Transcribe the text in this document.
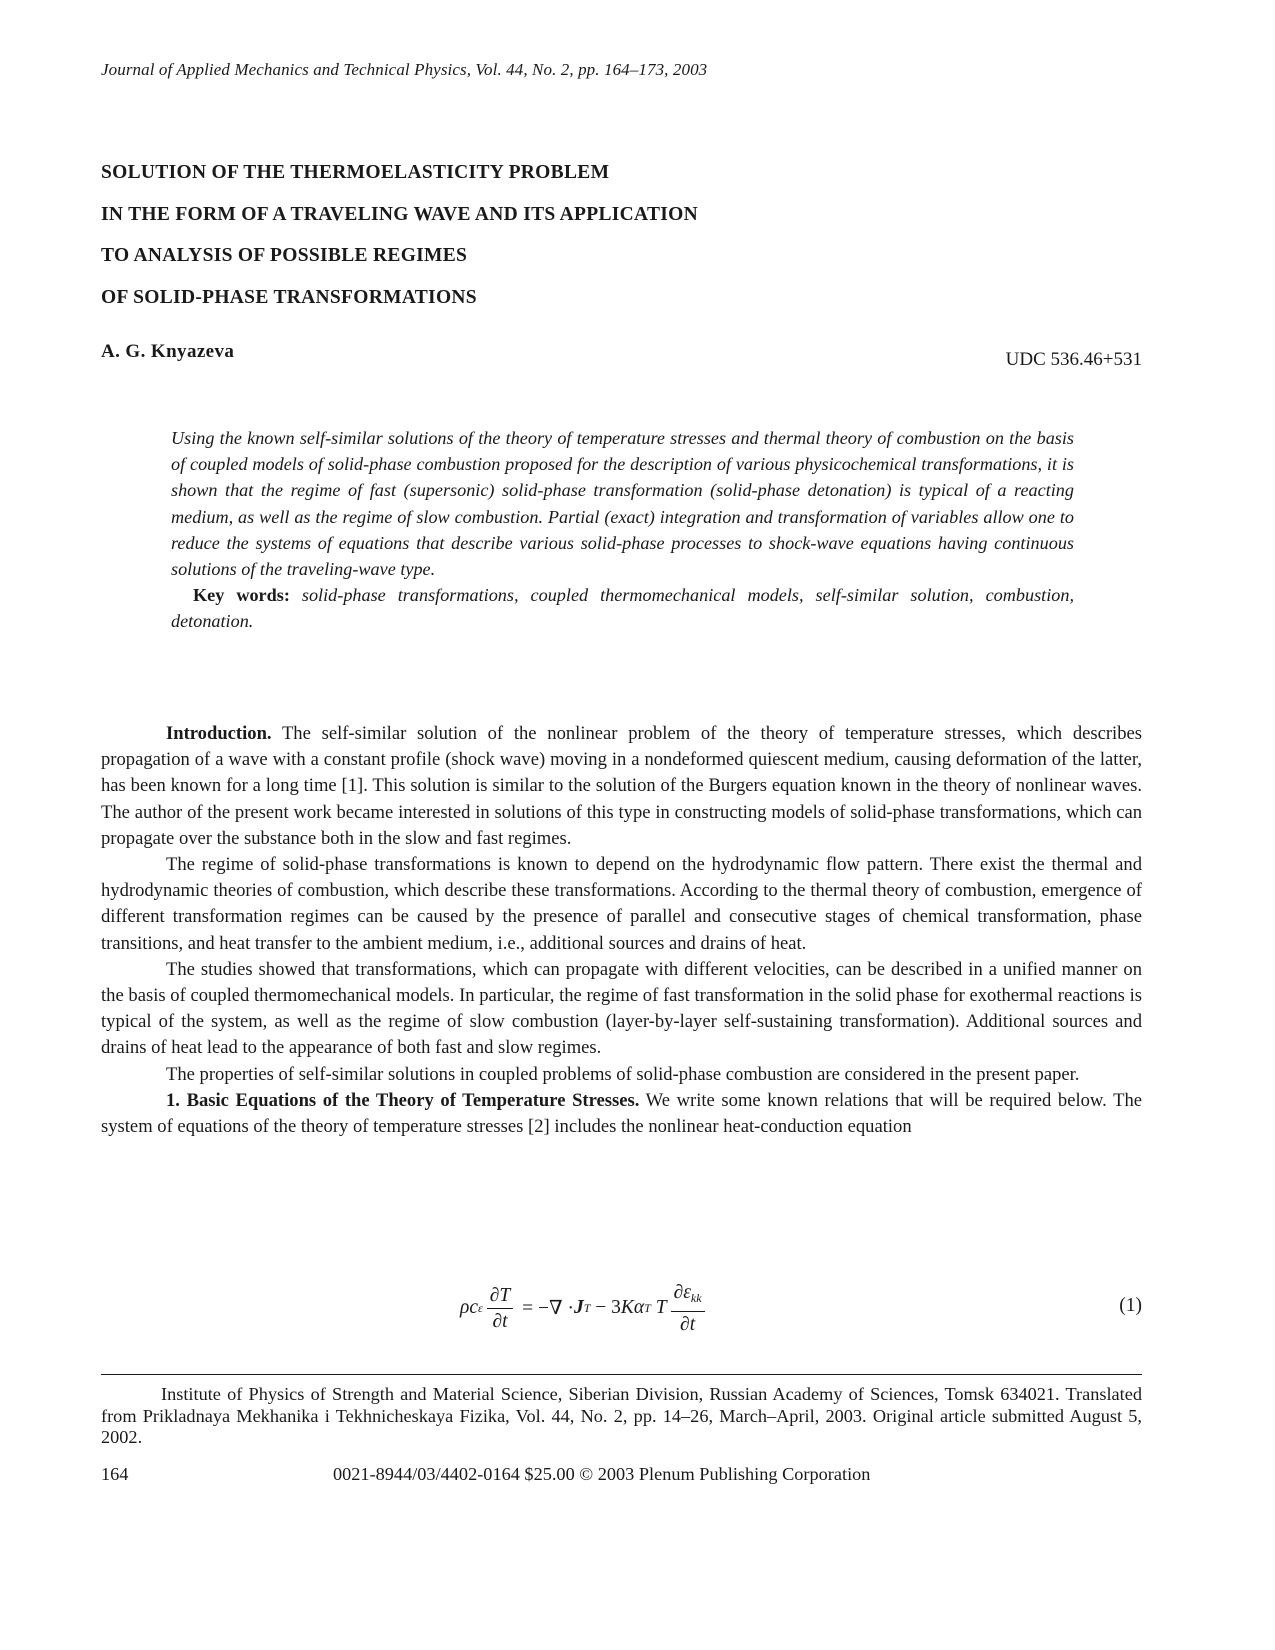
Journal of Applied Mechanics and Technical Physics, Vol. 44, No. 2, pp. 164–173, 2003
SOLUTION OF THE THERMOELASTICITY PROBLEM
IN THE FORM OF A TRAVELING WAVE AND ITS APPLICATION
TO ANALYSIS OF POSSIBLE REGIMES
OF SOLID-PHASE TRANSFORMATIONS
A. G. Knyazeva	UDC 536.46+531

Using the known self-similar solutions of the theory of temperature stresses and thermal theory of combustion on the basis of coupled models of solid-phase combustion proposed for the description of various physicochemical transformations, it is shown that the regime of fast (supersonic) solid-phase transformation (solid-phase detonation) is typical of a reacting medium, as well as the regime of slow combustion. Partial (exact) integration and transformation of variables allow one to reduce the systems of equations that describe various solid-phase processes to shock-wave equations having continuous solutions of the traveling-wave type.

Key words: solid-phase transformations, coupled thermomechanical models, self-similar solution, combustion, detonation.

Introduction. The self-similar solution of the nonlinear problem of the theory of temperature stresses, which describes propagation of a wave with a constant profile (shock wave) moving in a nondeformed quiescent medium, causing deformation of the latter, has been known for a long time [1]. This solution is similar to the solution of the Burgers equation known in the theory of nonlinear waves. The author of the present work became interested in solutions of this type in constructing models of solid-phase transformations, which can propagate over the substance both in the slow and fast regimes.

The regime of solid-phase transformations is known to depend on the hydrodynamic flow pattern. There exist the thermal and hydrodynamic theories of combustion, which describe these transformations. According to the thermal theory of combustion, emergence of different transformation regimes can be caused by the presence of parallel and consecutive stages of chemical transformation, phase transitions, and heat transfer to the ambient medium, i.e., additional sources and drains of heat.

The studies showed that transformations, which can propagate with different velocities, can be described in a unified manner on the basis of coupled thermomechanical models. In particular, the regime of fast transformation in the solid phase for exothermal reactions is typical of the system, as well as the regime of slow combustion (layer-by-layer self-sustaining transformation). Additional sources and drains of heat lead to the appearance of both fast and slow regimes.

The properties of self-similar solutions in coupled problems of solid-phase combustion are considered in the present paper.

1. Basic Equations of the Theory of Temperature Stresses. We write some known relations that will be required below. The system of equations of the theory of temperature stresses [2] includes the nonlinear heat-conduction equation

ρc ε $\frac{\partial T}{\partial t}$ = −∇ · J T − 3 Kα T T $\frac{\partial\varepsilon_{kk}}{\partial t}$	(1)
Institute of Physics of Strength and Material Science, Siberian Division, Russian Academy of Sciences, Tomsk 634021. Translated from Prikladnaya Mekhanika i Tekhnicheskaya Fizika, Vol. 44, No. 2, pp. 14–26, March–April, 2003. Original article submitted August 5, 2002.
164	0021-8944/03/4402-0164 $25.00 © 2003 Plenum Publishing Corporation
